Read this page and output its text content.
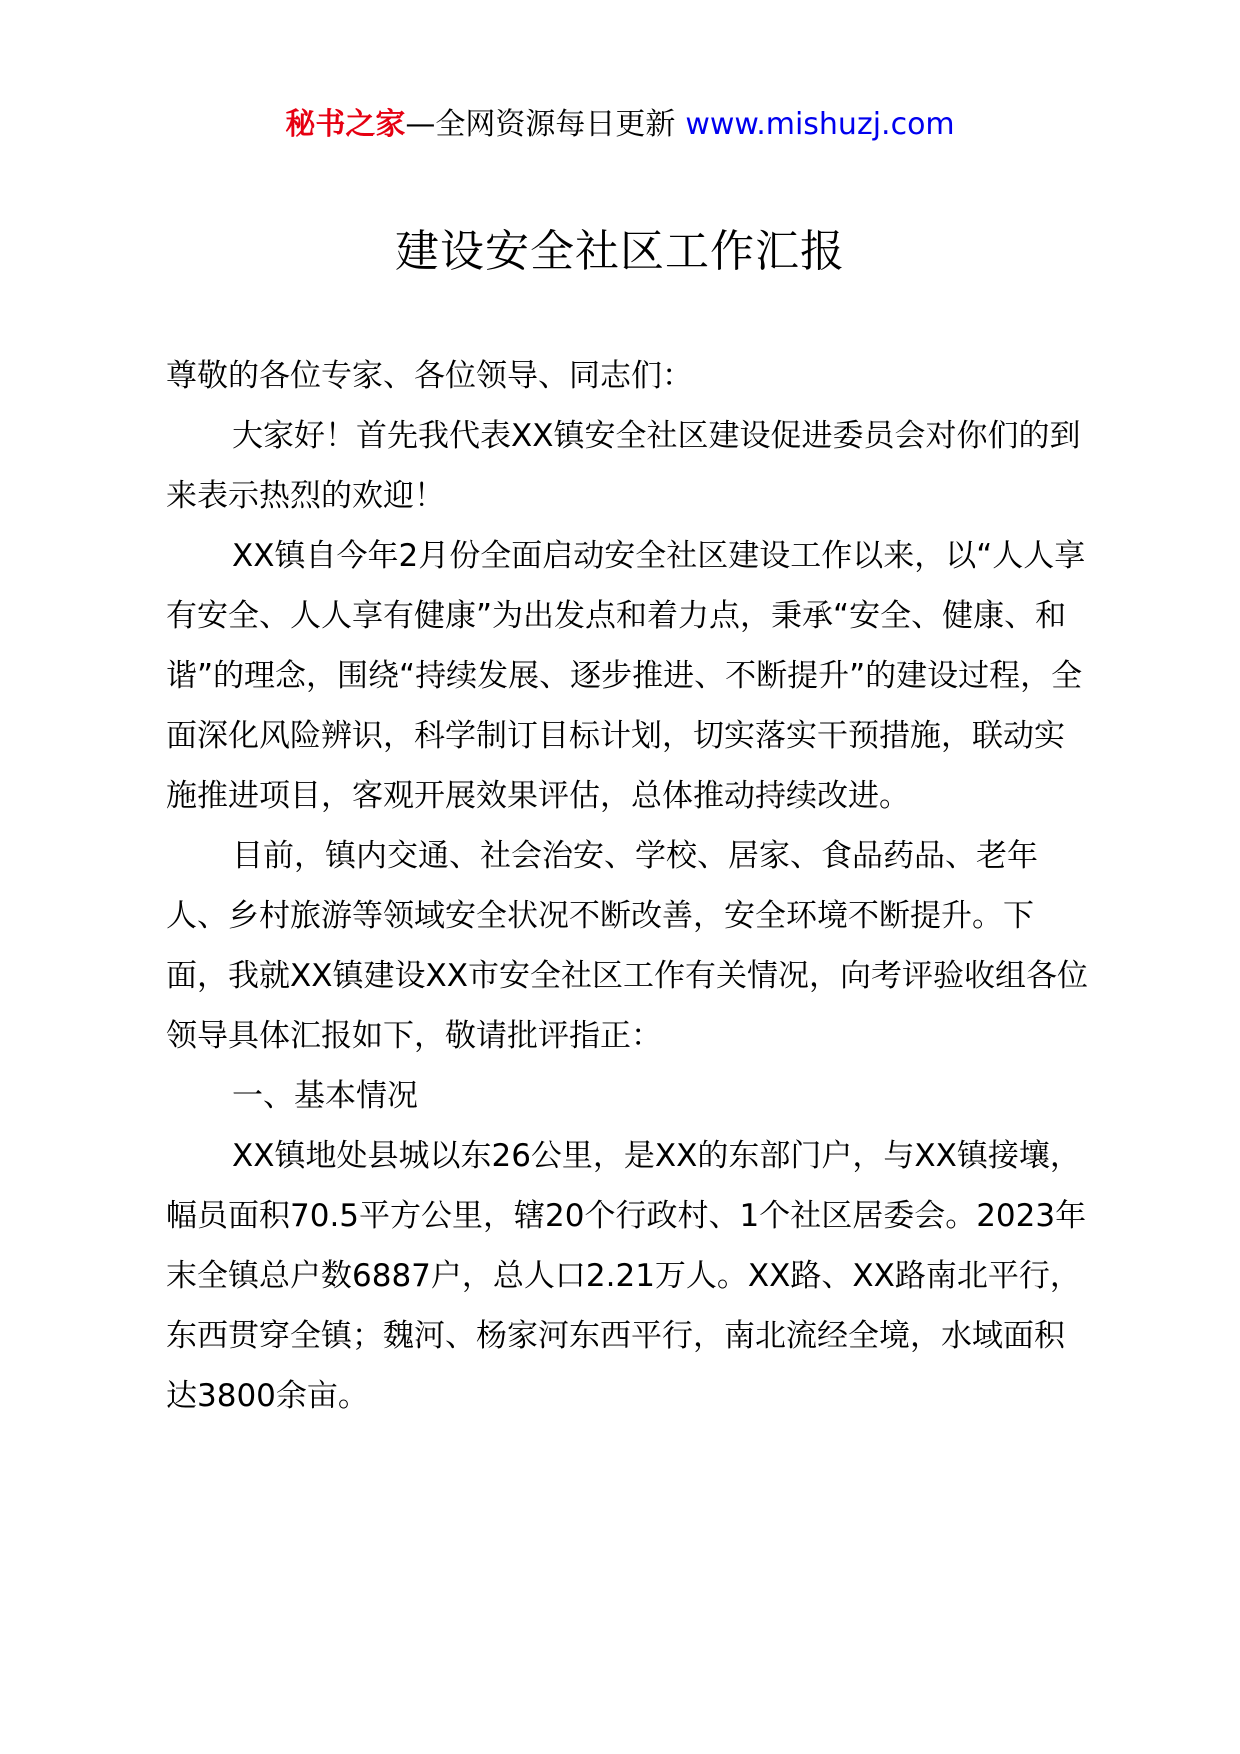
秘书之家—全网资源每日更新 www.mishuzj.com
建设安全社区工作汇报

尊敬的各位专家、各位领导、同志们：

大家好！首先我代表XX镇安全社区建设促进委员会对你们的到来表示热烈的欢迎！

XX镇自今年2月份全面启动安全社区建设工作以来，以“人人享有安全、人人享有健康”为出发点和着力点，秉承“安全、健康、和谐”的理念，围绕“持续发展、逐步推进、不断提升”的建设过程，全面深化风险辨识，科学制订目标计划，切实落实干预措施，联动实施推进项目，客观开展效果评估，总体推动持续改进。

目前，镇内交通、社会治安、学校、居家、食品药品、老年人、乡村旅游等领域安全状况不断改善，安全环境不断提升。下面，我就XX镇建设XX市安全社区工作有关情况，向考评验收组各位领导具体汇报如下，敬请批评指正：

一、基本情况

XX镇地处县城以东26公里，是XX的东部门户，与XX镇接壤，幅员面积70.5平方公里，辖20个行政村、1个社区居委会。2023年末全镇总户数6887户，总人口2.21万人。XX路、XX路南北平行，东西贯穿全镇；魏河、杨家河东西平行，南北流经全境，水域面积达3800余亩。
